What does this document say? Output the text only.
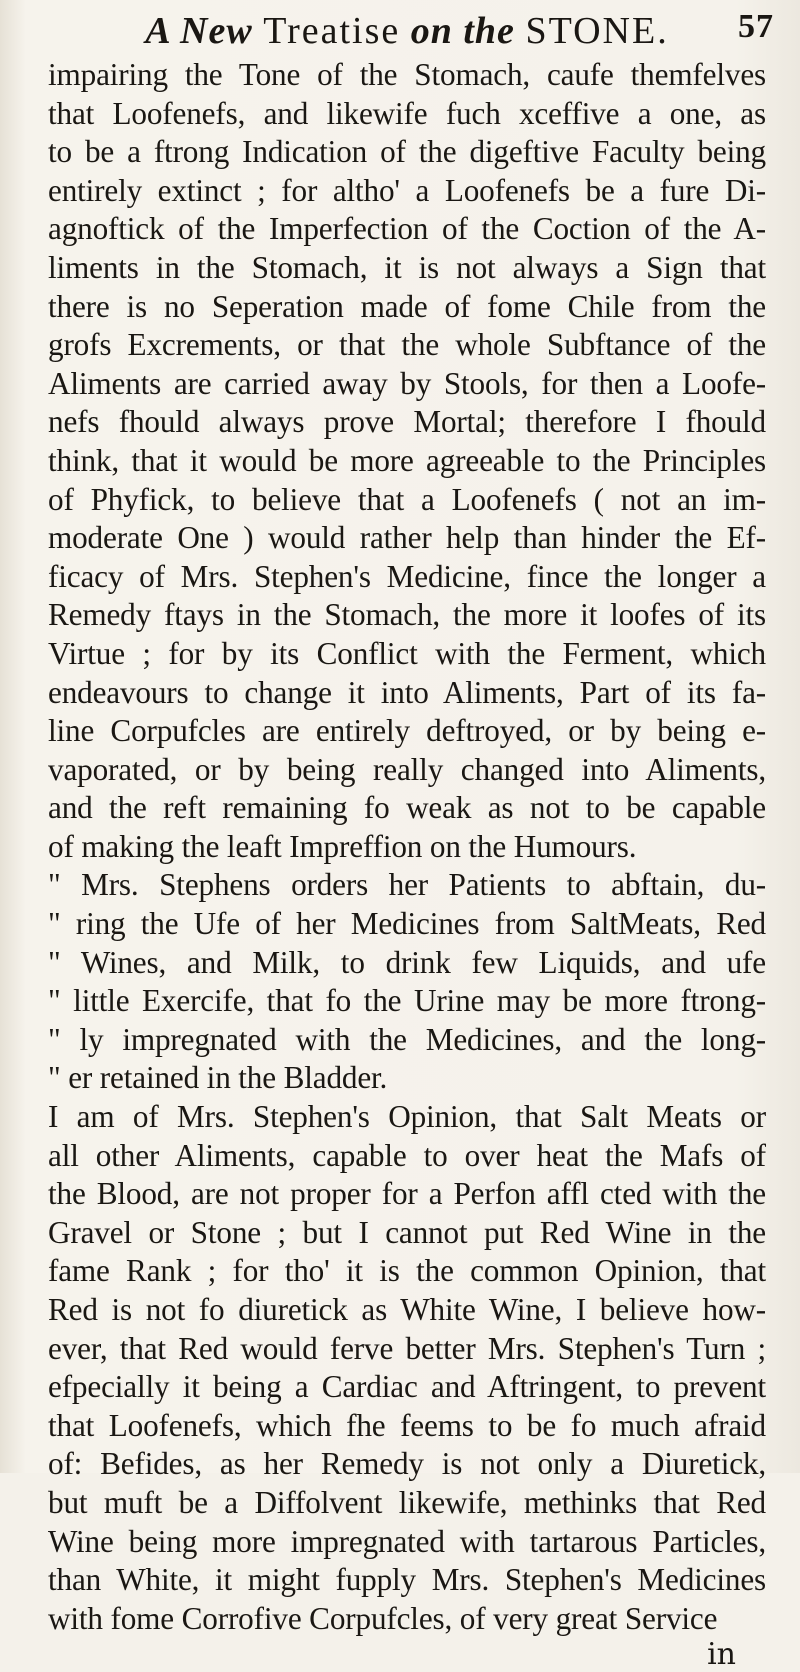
A New Treatise on the STONE. 57
impairing the Tone of the Stomach, caufe themfelves
that Loofenefs, and likewife fuch xceffive a one, as
to be a ftrong Indication of the digeftive Faculty being
entirely extinct ; for altho' a Loofenefs be a fure Di-
agnoftick of the Imperfection of the Coction of the A-
liments in the Stomach, it is not always a Sign that
there is no Seperation made of fome Chile from the
grofs Excrements, or that the whole Subftance of the
Aliments are carried away by Stools, for then a Loofe-
nefs fhould always prove Mortal; therefore I fhould
think, that it would be more agreeable to the Principles
of Phyfick, to believe that a Loofenefs ( not an im-
moderate One ) would rather help than hinder the Ef-
ficacy of Mrs. Stephen's Medicine, fince the longer a
Remedy ftays in the Stomach, the more it loofes of its
Virtue ; for by its Conflict with the Ferment, which
endeavours to change it into Aliments, Part of its fa-
line Corpufcles are entirely deftroyed, or by being e-
vaporated, or by being really changed into Aliments,
and the reft remaining fo weak as not to be capable
of making the leaft Impreffion on the Humours.
" Mrs. Stephens orders her Patients to abftain, du-
" ring the Ufe of her Medicines from SaltMeats, Red
" Wines, and Milk, to drink few Liquids, and ufe
" little Exercife, that fo the Urine may be more ftrong-
" ly impregnated with the Medicines, and the long-
" er retained in the Bladder.
I am of Mrs. Stephen's Opinion, that Salt Meats or
all other Aliments, capable to over heat the Mafs of
the Blood, are not proper for a Perfon affl cted with the
Gravel or Stone ; but I cannot put Red Wine in the
fame Rank ; for tho' it is the common Opinion, that
Red is not fo diuretick as White Wine, I believe how-
ever, that Red would ferve better Mrs. Stephen's Turn ;
efpecially it being a Cardiac and Aftringent, to prevent
that Loofenefs, which fhe feems to be fo much afraid
of: Befides, as her Remedy is not only a Diuretick,
but muft be a Diffolvent likewife, methinks that Red
Wine being more impregnated with tartarous Particles,
than White, it might fupply Mrs. Stephen's Medicines
with fome Corrofive Corpufcles, of very great Service
in
